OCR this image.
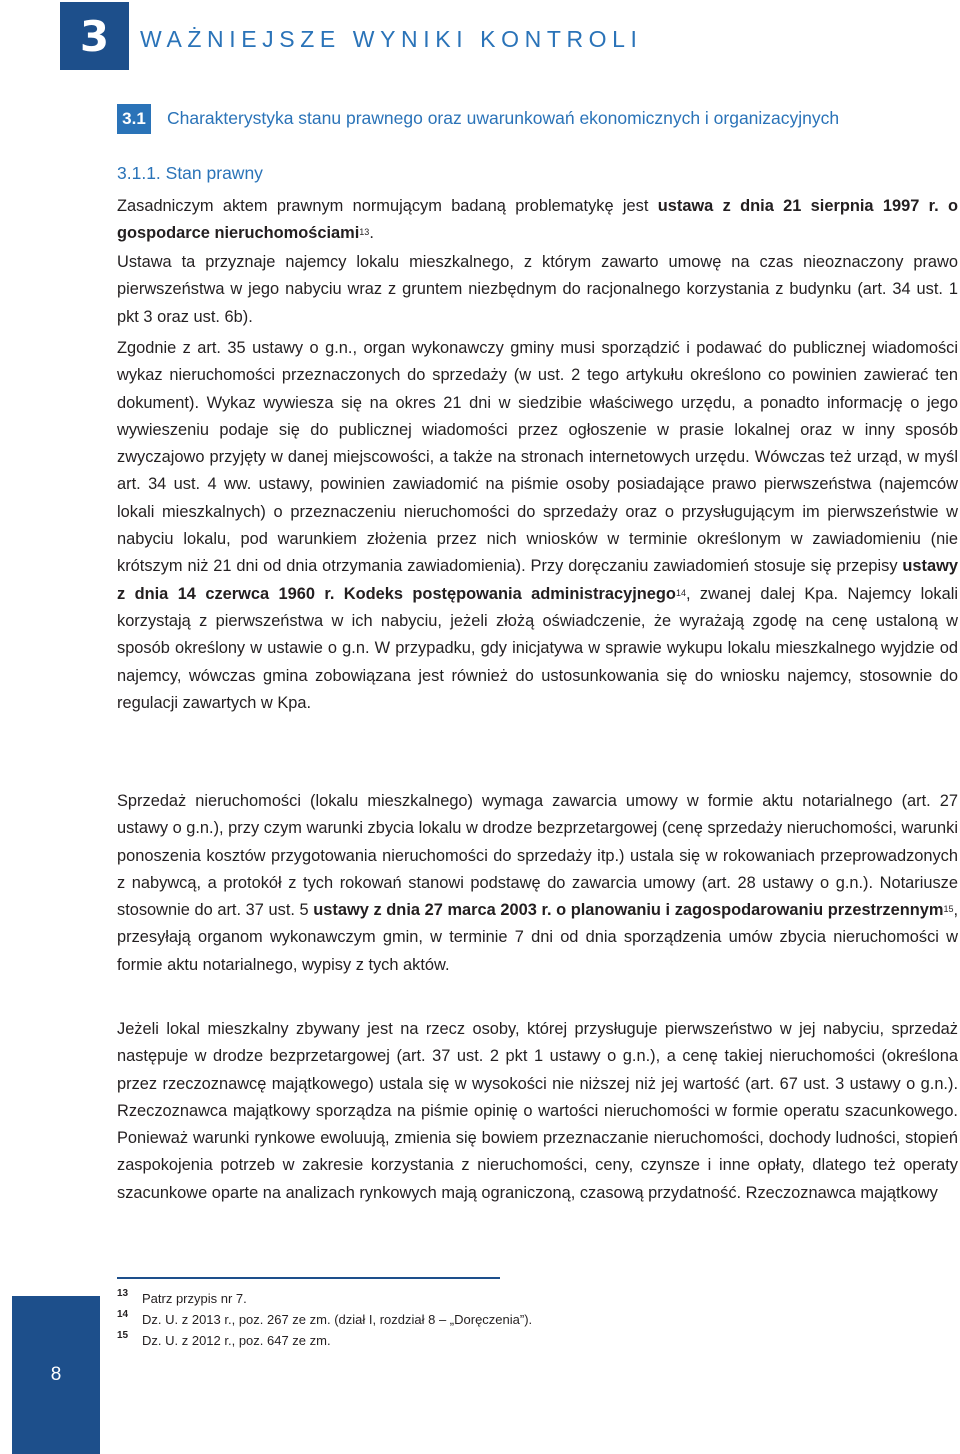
3	WAŻNIEJSZE WYNIKI KONTROLI
3.1 Charakterystyka stanu prawnego oraz uwarunkowań ekonomicznych i organizacyjnych
3.1.1. Stan prawny

Zasadniczym aktem prawnym normującym badaną problematykę jest ustawa z dnia 21 sierpnia 1997 r. o gospodarce nieruchomościami$^{13}$.

Ustawa ta przyznaje najemcy lokalu mieszkalnego, z którym zawarto umowę na czas nieoznaczony prawo pierwszeństwa w jego nabyciu wraz z gruntem niezbędnym do racjonalnego korzystania z budynku (art. 34 ust. 1 pkt 3 oraz ust. 6b).

Zgodnie z art. 35 ustawy o g.n., organ wykonawczy gminy musi sporządzić i podawać do publicznej wiadomości wykaz nieruchomości przeznaczonych do sprzedaży (w ust. 2 tego artykułu określono co powinien zawierać ten dokument). Wykaz wywiesza się na okres 21 dni w siedzibie właściwego urzędu, a ponadto informację o jego wywieszeniu podaje się do publicznej wiadomości przez ogłoszenie w prasie lokalnej oraz w inny sposób zwyczajowo przyjęty w danej miejscowości, a także na stronach internetowych urzędu. Wówczas też urząd, w myśl art. 34 ust. 4 ww. ustawy, powinien zawiadomić na piśmie osoby posiadające prawo pierwszeństwa (najemców lokali mieszkalnych) o przeznaczeniu nieruchomości do sprzedaży oraz o przysługującym im pierwszeństwie w nabyciu lokalu, pod warunkiem złożenia przez nich wniosków w terminie określonym w zawiadomieniu (nie krótszym niż 21 dni od dnia otrzymania zawiadomienia). Przy doręczaniu zawiadomień stosuje się przepisy ustawy z dnia 14 czerwca 1960 r. Kodeks postępowania administracyjnego$^{14}$, zwanej dalej Kpa. Najemcy lokali korzystają z pierwszeństwa w ich nabyciu, jeżeli złożą oświadczenie, że wyrażają zgodę na cenę ustaloną w sposób określony w ustawie o g.n. W przypadku, gdy inicjatywa w sprawie wykupu lokalu mieszkalnego wyjdzie od najemcy, wówczas gmina zobowiązana jest również do ustosunkowania się do wniosku najemcy, stosownie do regulacji zawartych w Kpa.

Sprzedaż nieruchomości (lokalu mieszkalnego) wymaga zawarcia umowy w formie aktu notarialnego (art. 27 ustawy o g.n.), przy czym warunki zbycia lokalu w drodze bezprzetargowej (cenę sprzedaży nieruchomości, warunki ponoszenia kosztów przygotowania nieruchomości do sprzedaży itp.) ustala się w rokowaniach przeprowadzonych z nabywcą, a protokół z tych rokowań stanowi podstawę do zawarcia umowy (art. 28 ustawy o g.n.). Notariusze stosownie do art. 37 ust. 5 ustawy z dnia 27 marca 2003 r. o planowaniu i zagospodarowaniu przestrzennym$^{15}$, przesyłają organom wykonawczym gmin, w terminie 7 dni od dnia sporządzenia umów zbycia nieruchomości w formie aktu notarialnego, wypisy z tych aktów.

Jeżeli lokal mieszkalny zbywany jest na rzecz osoby, której przysługuje pierwszeństwo w jej nabyciu, sprzedaż następuje w drodze bezprzetargowej (art. 37 ust. 2 pkt 1 ustawy o g.n.), a cenę takiej nieruchomości (określona przez rzeczoznawcę majątkowego) ustala się w wysokości nie niższej niż jej wartość (art. 67 ust. 3 ustawy o g.n.). Rzeczoznawca majątkowy sporządza na piśmie opinię o wartości nieruchomości w formie operatu szacunkowego. Ponieważ warunki rynkowe ewoluują, zmienia się bowiem przeznaczanie nieruchomości, dochody ludności, stopień zaspokojenia potrzeb w zakresie korzystania z nieruchomości, ceny, czynsze i inne opłaty, dlatego też operaty szacunkowe oparte na analizach rynkowych mają ograniczoną, czasową przydatność. Rzeczoznawca majątkowy

13 Patrz przypis nr 7.
14 Dz. U. z 2013 r., poz. 267 ze zm. (dział I, rozdział 8 – „Doręczenia”).
15 Dz. U. z 2012 r., poz. 647 ze zm.
8
